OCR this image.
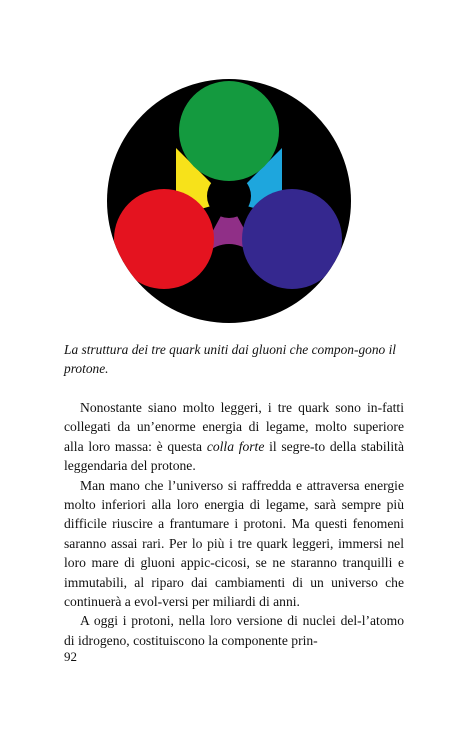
La struttura dei tre quark uniti dai gluoni che compon-gono il protone.

Nonostante siano molto leggeri, i tre quark sono in-fatti collegati da un’enorme energia di legame, molto superiore alla loro massa: è questa colla forte il segre-to della stabilità leggendaria del protone.

Man mano che l’universo si raffredda e attraversa energie molto inferiori alla loro energia di legame, sarà sempre più difficile riuscire a frantumare i protoni. Ma questi fenomeni saranno assai rari. Per lo più i tre quark leggeri, immersi nel loro mare di gluoni appic-cicosi, se ne staranno tranquilli e immutabili, al riparo dai cambiamenti di un universo che continuerà a evol-versi per miliardi di anni.

A oggi i protoni, nella loro versione di nuclei del-l’atomo di idrogeno, costituiscono la componente prin-

92
